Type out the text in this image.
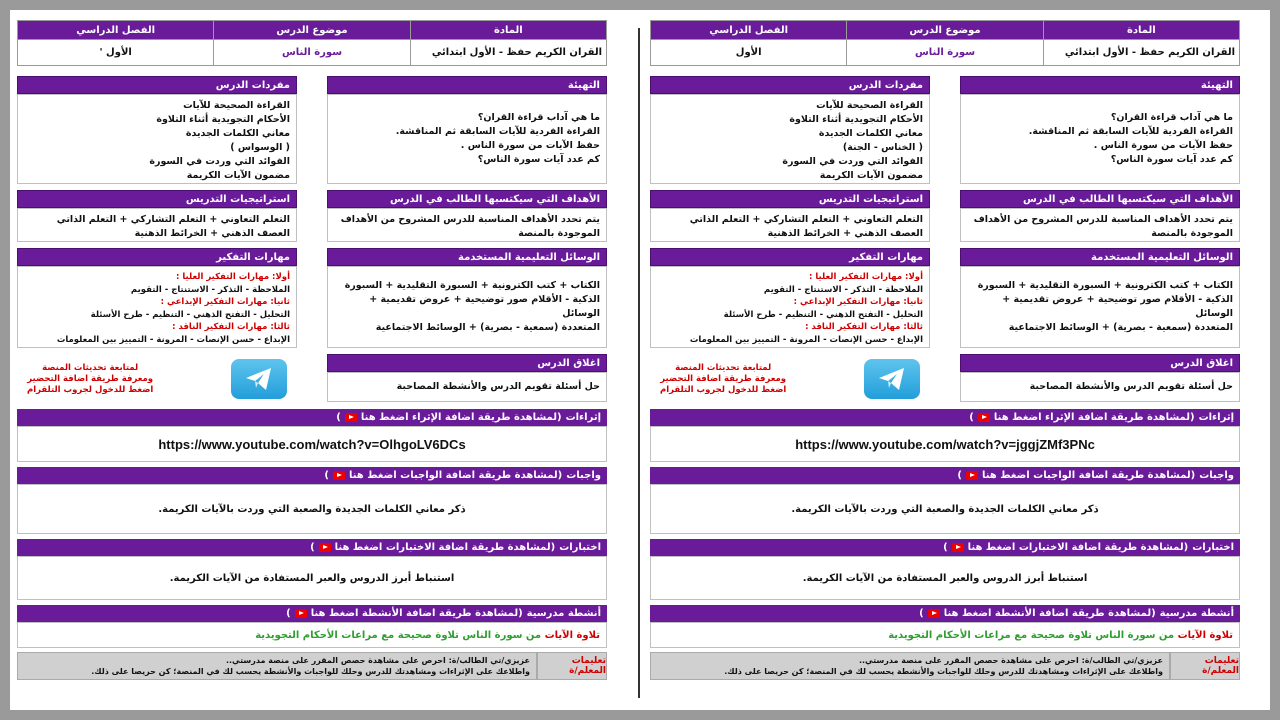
المادة	موضوع الدرس	الفصل الدراسي
القران الكريم حفظ - الأول ابتدائي	سورة الناس	الأول
التهيئة
ما هي آداب قراءة القران؟
القراءة الفردية للآيات السابقة ثم المناقشة.
حفظ الآيات من سورة الناس .
كم عدد آيات سورة الناس؟
مفردات الدرس
القراءة الصحيحة للآيات
الأحكام التجويدية أثناء التلاوة
معاني الكلمات الجديدة
( الخناس - الجنة)
الفوائد التي وردت في السورة
مضمون الآيات الكريمة
الأهداف التي سيكتسبها الطالب في الدرس
يتم تحدد الأهداف المناسبة للدرس المشروح من الأهداف
الموجودة بالمنصة
استراتيجيات التدريس
التعلم التعاوني + التعلم التشاركي + التعلم الذاتي
العصف الذهني + الخرائط الذهنية
الوسائل التعليمية المستخدمة
الكتاب + كتب الكترونية + السبورة التقليدية + السبورة
الذكية - الأقلام صور توضيحية + عروض تقديمية + الوسائل
المتعددة (سمعية - بصرية) + الوسائط الاجتماعية
مهارات التفكير
أولا: مهارات التفكير العليا :
الملاحظة - التذكر - الاستنتاج - التقويم
ثانيا: مهارات التفكير الإبداعي :
التحليل - التفتح الذهني - التنظيم - طرح الأسئلة
ثالثا: مهارات التفكير الناقد :
الإبداع - حسن الإنصات - المرونة - التمييز بين المعلومات
اغلاق الدرس
حل أسئلة تقويم الدرس والأنشطة المصاحبة
لمتابعة تحديثات المنصة
ومعرفة طريقة اضافة التحضير
اضغط للدخول لجروب التلقرام
إثراءات
(لمشاهدة طريقة اضافة الإثراء اضغط هنا
)
https://www.youtube.com/watch?v=jggjZMf3PNc
واجبات
(لمشاهدة طريقة اضافة الواجبات اضغط هنا
)
ذكر معاني الكلمات الجديدة والصعبة التي وردت بالآيات الكريمة.
اختبارات
(لمشاهدة طريقة اضافة الاختبارات اضغط هنا
)
استنباط أبرز الدروس والعبر المستفادة من الآيات الكريمة.
أنشطة مدرسية
(لمشاهدة طريقة اضافة الأنشطة اضغط هنا
)
تلاوة الآيات

من سورة الناس تلاوة صحيحة مع مراعات الأحكام التجويدية
تعليمات المعلم/ة
عزيزي/تي الطالب/ة: احرص على مشاهدة حصص المقرر على منصة مدرستي..
واطلاعك على الإثراءات ومشاهدتك للدرس وحلك للواجبات والأنشطة يحسب لك في المنصة؛ كن حريصا على ذلك.
المادة	موضوع الدرس	الفصل الدراسي
القران الكريم حفظ - الأول ابتدائي	سورة الناس	الأول '
التهيئة
ما هي آداب قراءة القران؟
القراءة الفردية للآيات السابقة ثم المناقشة.
حفظ الآيات من سورة الناس .
كم عدد آيات سورة الناس؟
مفردات الدرس
القراءة الصحيحة للآيات
الأحكام التجويدية أثناء التلاوة
معاني الكلمات الجديدة
( الوسواس )
الفوائد التي وردت في السورة
مضمون الآيات الكريمة
الأهداف التي سيكتسبها الطالب في الدرس
يتم تحدد الأهداف المناسبة للدرس المشروح من الأهداف
الموجودة بالمنصة
استراتيجيات التدريس
التعلم التعاوني + التعلم التشاركي + التعلم الذاتي
العصف الذهني + الخرائط الذهنية
الوسائل التعليمية المستخدمة
الكتاب + كتب الكترونية + السبورة التقليدية + السبورة
الذكية - الأقلام صور توضيحية + عروض تقديمية + الوسائل
المتعددة (سمعية - بصرية) + الوسائط الاجتماعية
مهارات التفكير
أولا: مهارات التفكير العليا :
الملاحظة - التذكر - الاستنتاج - التقويم
ثانيا: مهارات التفكير الإبداعي :
التحليل - التفتح الذهني - التنظيم - طرح الأسئلة
ثالثا: مهارات التفكير الناقد :
الإبداع - حسن الإنصات - المرونة - التمييز بين المعلومات
اغلاق الدرس
حل أسئلة تقويم الدرس والأنشطة المصاحبة
لمتابعة تحديثات المنصة
ومعرفة طريقة اضافة التحضير
اضغط للدخول لجروب التلقرام
إثراءات
(لمشاهدة طريقة اضافة الإثراء اضغط هنا
)
https://www.youtube.com/watch?v=OlhgoLV6DCs
واجبات
(لمشاهدة طريقة اضافة الواجبات اضغط هنا
)
ذكر معاني الكلمات الجديدة والصعبة التي وردت بالآيات الكريمة.
اختبارات
(لمشاهدة طريقة اضافة الاختبارات اضغط هنا
)
استنباط أبرز الدروس والعبر المستفادة من الآيات الكريمة.
أنشطة مدرسية
(لمشاهدة طريقة اضافة الأنشطة اضغط هنا
)
تلاوة الآيات

من سورة الناس تلاوة صحيحة مع مراعات الأحكام التجويدية
تعليمات المعلم/ة
عزيزي/تي الطالب/ة: احرص على مشاهدة حصص المقرر على منصة مدرستي..
واطلاعك على الإثراءات ومشاهدتك للدرس وحلك للواجبات والأنشطة يحسب لك في المنصة؛ كن حريصا على ذلك.
